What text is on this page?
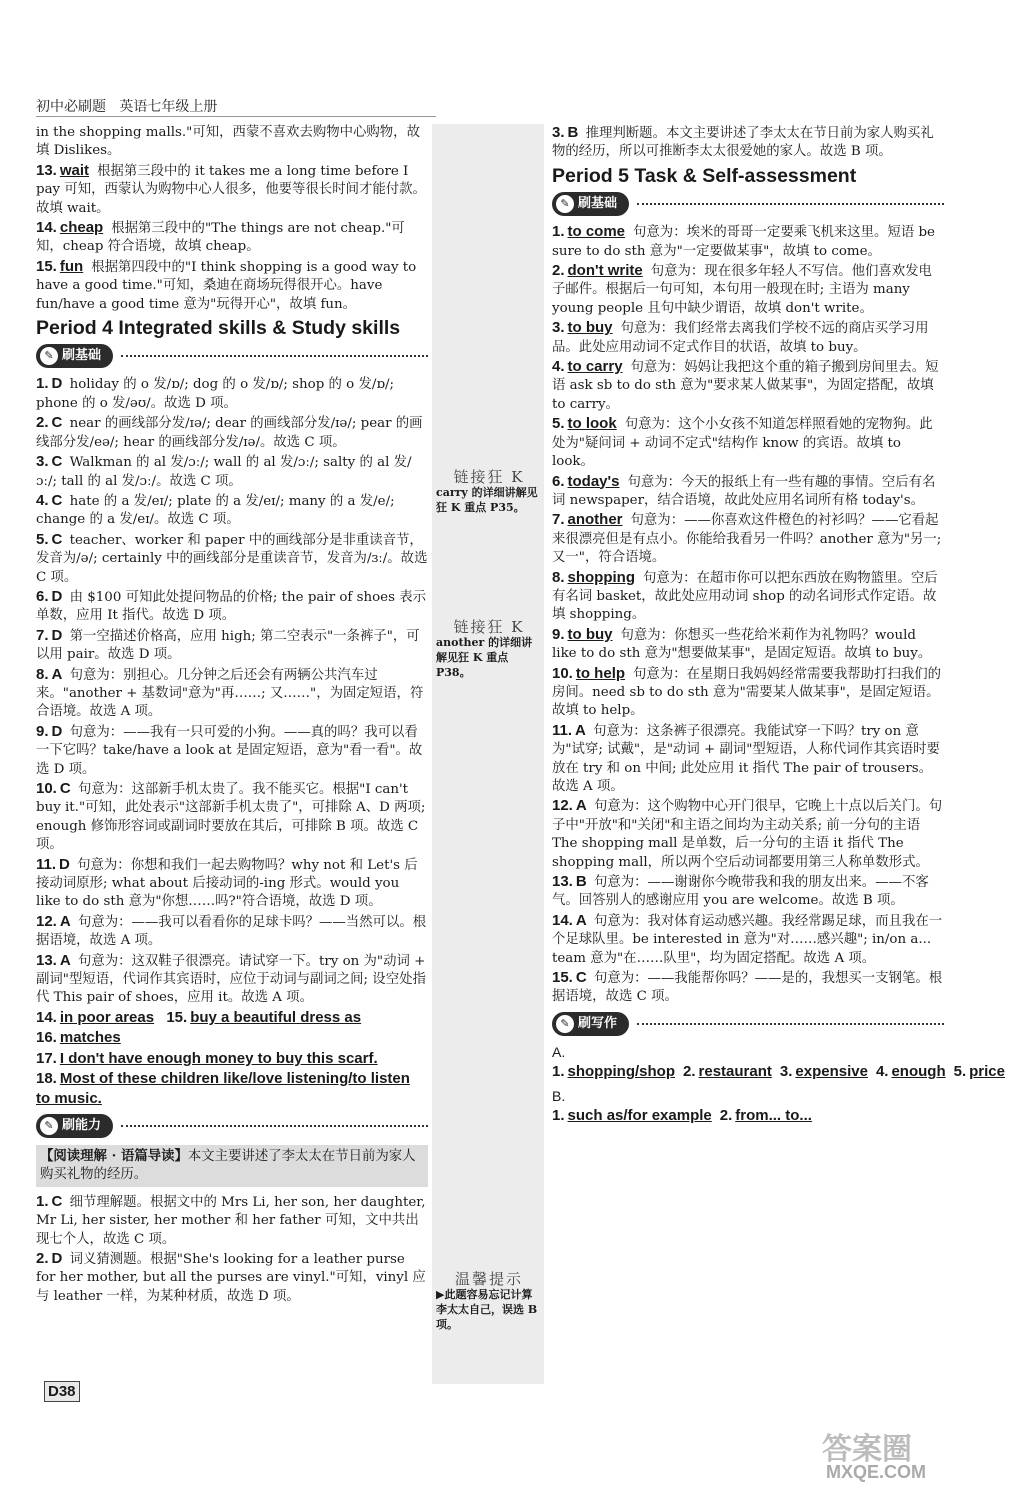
初中必刷题 英语七年级上册
in the shopping malls."可知，西蒙不喜欢去购物中心购物，故填 Dislikes。
13. wait 根据第三段中的 it takes me a long time before I pay 可知，西蒙认为购物中心人很多，他要等很长时间才能付款。故填 wait。
14. cheap 根据第三段中的"The things are not cheap."可知，cheap 符合语境，故填 cheap。
15. fun 根据第四段中的"I think shopping is a good way to have a good time."可知，桑迪在商场玩得很开心。have fun/have a good time 意为"玩得开心"，故填 fun。
Period 4 Integrated skills & Study skills
✎ 刷基础
1. D holiday 的 o 发/ɒ/; dog 的 o 发/ɒ/; shop 的 o 发/ɒ/; phone 的 o 发/əʊ/。故选 D 项。
2. C near 的画线部分发/ɪə/; dear 的画线部分发/ɪə/; pear 的画线部分发/eə/; hear 的画线部分发/ɪə/。故选 C 项。
3. C Walkman 的 al 发/ɔː/; wall 的 al 发/ɔː/; salty 的 al 发/ɔː/; tall 的 al 发/ɔː/。故选 C 项。
4. C hate 的 a 发/eɪ/; plate 的 a 发/eɪ/; many 的 a 发/e/; change 的 a 发/eɪ/。故选 C 项。
5. C teacher、worker 和 paper 中的画线部分是非重读音节，发音为/ə/; certainly 中的画线部分是重读音节，发音为/ɜː/。故选 C 项。
6. D 由 $100 可知此处提问物品的价格; the pair of shoes 表示单数，应用 It 指代。故选 D 项。
7. D 第一空描述价格高，应用 high; 第二空表示"一条裤子"，可以用 pair。故选 D 项。
8. A 句意为：别担心。几分钟之后还会有两辆公共汽车过来。"another + 基数词"意为"再……; 又……"，为固定短语，符合语境。故选 A 项。
9. D 句意为：——我有一只可爱的小狗。——真的吗？我可以看一下它吗？take/have a look at 是固定短语，意为"看一看"。故选 D 项。
10. C 句意为：这部新手机太贵了。我不能买它。根据"I can't buy it."可知，此处表示"这部新手机太贵了"，可排除 A、D 两项; enough 修饰形容词或副词时要放在其后，可排除 B 项。故选 C 项。
11. D 句意为：你想和我们一起去购物吗？why not 和 Let's 后接动词原形; what about 后接动词的-ing 形式。would you like to do sth 意为"你想……吗?"符合语境，故选 D 项。
12. A 句意为：——我可以看看你的足球卡吗？——当然可以。根据语境，故选 A 项。
13. A 句意为：这双鞋子很漂亮。请试穿一下。try on 为"动词 + 副词"型短语，代词作其宾语时，应位于动词与副词之间; 设空处指代 This pair of shoes，应用 it。故选 A 项。
14. in poor areas 15. buy a beautiful dress as
16. matches
17. I don't have enough money to buy this scarf.
18. Most of these children like/love listening/to listen to music.
✎ 刷能力
【阅读理解 · 语篇导读】本文主要讲述了李太太在节日前为家人购买礼物的经历。
1. C 细节理解题。根据文中的 Mrs Li, her son, her daughter, Mr Li, her sister, her mother 和 her father 可知，文中共出现七个人，故选 C 项。
2. D 词义猜测题。根据"She's looking for a leather purse for her mother, but all the purses are vinyl."可知，vinyl 应与 leather 一样，为某种材质，故选 D 项。
链接狂 K
carry 的详细讲解见狂 K 重点 P35。
链接狂 K
another 的详细讲解见狂 K 重点 P38。
温馨提示
▶此题容易忘记计算李太太自己，误选 B 项。
3. B 推理判断题。本文主要讲述了李太太在节日前为家人购买礼物的经历，所以可推断李太太很爱她的家人。故选 B 项。
Period 5 Task & Self-assessment
✎ 刷基础
1. to come 句意为：埃米的哥哥一定要乘飞机来这里。短语 be sure to do sth 意为"一定要做某事"，故填 to come。
2. don't write 句意为：现在很多年轻人不写信。他们喜欢发电子邮件。根据后一句可知，本句用一般现在时; 主语为 many young people 且句中缺少谓语，故填 don't write。
3. to buy 句意为：我们经常去离我们学校不远的商店买学习用品。此处应用动词不定式作目的状语，故填 to buy。
4. to carry 句意为：妈妈让我把这个重的箱子搬到房间里去。短语 ask sb to do sth 意为"要求某人做某事"，为固定搭配，故填 to carry。
5. to look 句意为：这个小女孩不知道怎样照看她的宠物狗。此处为"疑问词 + 动词不定式"结构作 know 的宾语。故填 to look。
6. today's 句意为：今天的报纸上有一些有趣的事情。空后有名词 newspaper，结合语境，故此处应用名词所有格 today's。
7. another 句意为：——你喜欢这件橙色的衬衫吗？——它看起来很漂亮但是有点小。你能给我看另一件吗？another 意为"另一; 又一"，符合语境。
8. shopping 句意为：在超市你可以把东西放在购物篮里。空后有名词 basket，故此处应用动词 shop 的动名词形式作定语。故填 shopping。
9. to buy 句意为：你想买一些花给米莉作为礼物吗？would like to do sth 意为"想要做某事"，是固定短语。故填 to buy。
10. to help 句意为：在星期日我妈妈经常需要我帮助打扫我们的房间。need sb to do sth 意为"需要某人做某事"，是固定短语。故填 to help。
11. A 句意为：这条裤子很漂亮。我能试穿一下吗？try on 意为"试穿; 试戴"，是"动词 + 副词"型短语，人称代词作其宾语时要放在 try 和 on 中间; 此处应用 it 指代 The pair of trousers。故选 A 项。
12. A 句意为：这个购物中心开门很早，它晚上十点以后关门。句子中"开放"和"关闭"和主语之间均为主动关系; 前一分句的主语 The shopping mall 是单数，后一分句的主语 it 指代 The shopping mall，所以两个空后动词都要用第三人称单数形式。
13. B 句意为：——谢谢你今晚带我和我的朋友出来。——不客气。回答别人的感谢应用 you are welcome。故选 B 项。
14. A 句意为：我对体育运动感兴趣。我经常踢足球，而且我在一个足球队里。be interested in 意为"对……感兴趣"; in/on a... team 意为"在……队里"，均为固定搭配。故选 A 项。
15. C 句意为：——我能帮你吗？——是的，我想买一支钢笔。根据语境，故选 C 项。
✎ 刷写作
A.
1. shopping/shop 2. restaurant 3. expensive 4. enough 5. price
B.
1. such as/for example 2. from... to...
D38
答案圈
MXQE.COM
